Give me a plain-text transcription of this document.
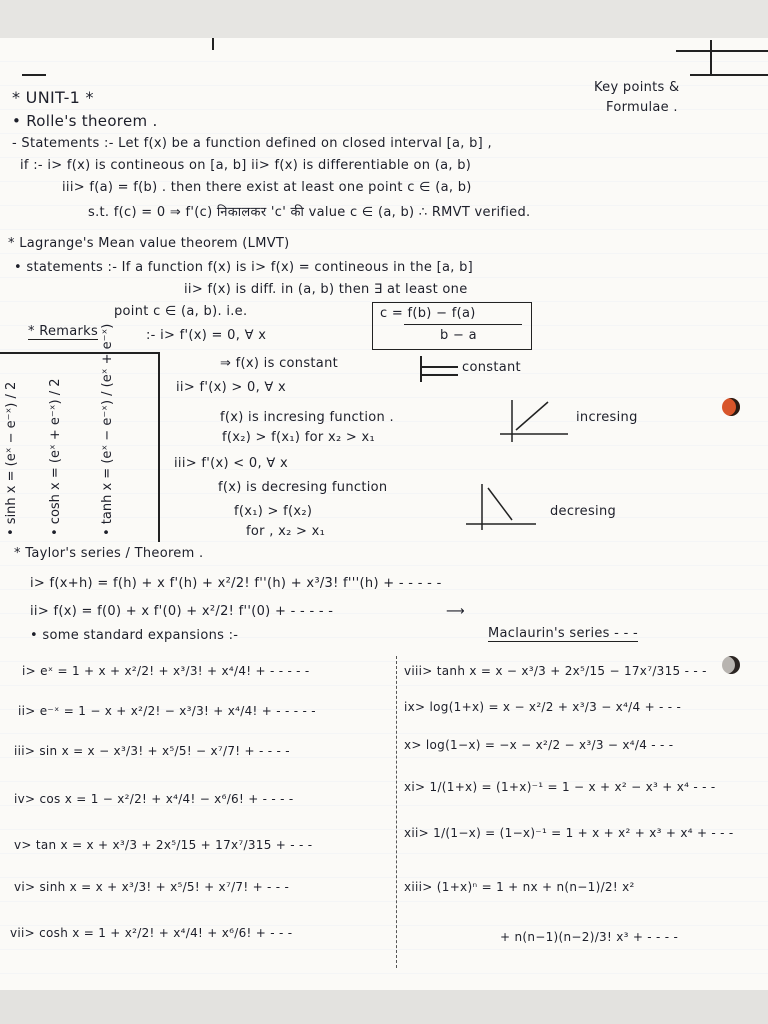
* UNIT-1 *
Key points &
Formulae .
• Rolle's theorem .
- Statements :- Let f(x) be a function defined on closed interval [a, b] ,
if :- i> f(x) is contineous on [a, b] ii> f(x) is differentiable on (a, b)
iii> f(a) = f(b) . then there exist at least one point c ∈ (a, b)
s.t. f(c) = 0 ⇒ f'(c) निकालकर 'c' की value c ∈ (a, b) ∴ RMVT verified.
* Lagrange's Mean value theorem (LMVT)
• statements :- If a function f(x) is i> f(x) = contineous in the [a, b]
ii> f(x) is diff. in (a, b) then ∃ at least one
point c ∈ (a, b). i.e.	c = f(b) − f(a)
b − a
* Remarks	:- i> f'(x) = 0, ∀ x
⇒ f(x) is constant	constant
ii> f'(x) > 0, ∀ x
f(x) is incresing function .
f(x₂) > f(x₁) for x₂ > x₁
incresing
iii> f'(x) < 0, ∀ x
f(x) is decresing function
f(x₁) > f(x₂)
for , x₂ > x₁
decresing
• sinh x = (eˣ − e⁻ˣ) / 2 • cosh x = (eˣ + e⁻ˣ) / 2	• tanh x = (eˣ − e⁻ˣ) / (eˣ + e⁻ˣ)
* Taylor's series / Theorem .
i> f(x+h) = f(h) + x f'(h) + x²/2! f''(h) + x³/3! f'''(h) + - - - - -
ii> f(x) = f(0) + x f'(0) + x²/2! f''(0) + - - - - -	⟶
Maclaurin's series - - -
• some standard expansions :-
i> eˣ = 1 + x + x²/2! + x³/3! + x⁴/4! + - - - - -
ii> e⁻ˣ = 1 − x + x²/2! − x³/3! + x⁴/4! + - - - - -
iii> sin x = x − x³/3! + x⁵/5! − x⁷/7! + - - - -
iv> cos x = 1 − x²/2! + x⁴/4! − x⁶/6! + - - - -
v> tan x = x + x³/3 + 2x⁵/15 + 17x⁷/315 + - - -
vi> sinh x = x + x³/3! + x⁵/5! + x⁷/7! + - - -
vii> cosh x = 1 + x²/2! + x⁴/4! + x⁶/6! + - - -
viii> tanh x = x − x³/3 + 2x⁵/15 − 17x⁷/315 - - -
ix> log(1+x) = x − x²/2 + x³/3 − x⁴/4 + - - -
x> log(1−x) = −x − x²/2 − x³/3 − x⁴/4 - - -
xi> 1/(1+x) = (1+x)⁻¹ = 1 − x + x² − x³ + x⁴ - - -
xii> 1/(1−x) = (1−x)⁻¹ = 1 + x + x² + x³ + x⁴ + - - -
xiii> (1+x)ⁿ = 1 + nx + n(n−1)/2! x²
+ n(n−1)(n−2)/3! x³ + - - - -
